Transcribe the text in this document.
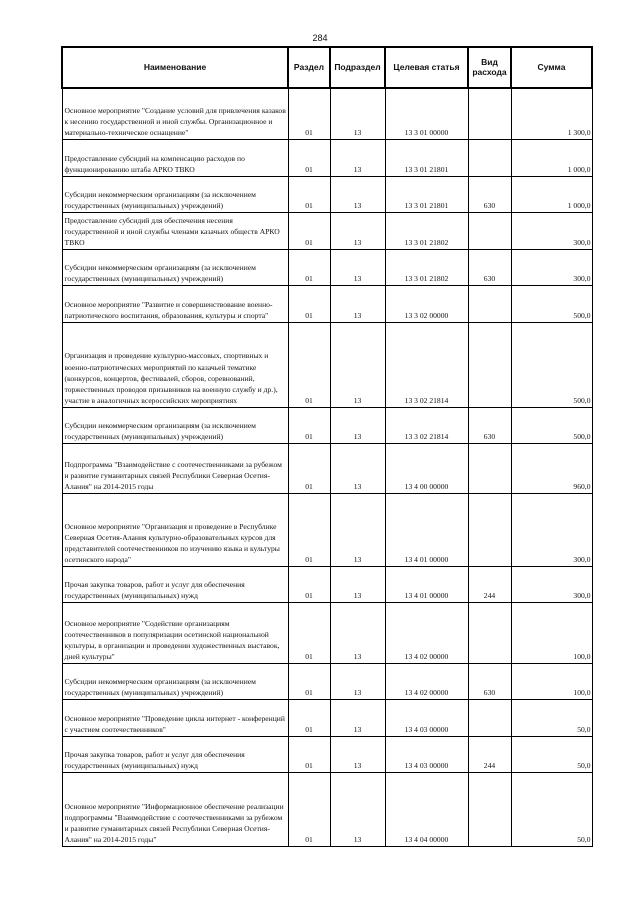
284
Наименование	Раздел	Подраздел	Целевая статья	Вид расхода	Сумма

Основное мероприятие "Создание условий для привлечения казаков к несению государственной и иной службы. Организационное и материально-техническое оснащение"	01	13	13 3 01 00000		1 300,0

Предоставление субсидий на компенсацию расходов по функционированию штаба АРКО ТВКО	01	13	13 3 01 21801		1 000,0

Субсидии некоммерческим организациям (за исключением государственных (муниципальных) учреждений)	01	13	13 3 01 21801	630	1 000,0

Предоставление субсидий для обеспечения несения государственной и иной службы членами казачьих обществ АРКО ТВКО	01	13	13 3 01 21802		300,0

Субсидии некоммерческим организациям (за исключением государственных (муниципальных) учреждений)	01	13	13 3 01 21802	630	300,0

Основное мероприятие "Развитие и совершенствование военно-патриотического воспитания, образования, культуры и спорта"	01	13	13 3 02 00000		500,0

Организация и проведение культурно-массовых, спортивных и военно-патриотических мероприятий по казачьей тематике (конкурсов, концертов, фестивалей, сборов, соревнований, торжественных проводов призывников на военную службу и др.), участие в аналогичных всероссийских мероприятиях	01	13	13 3 02 21814		500,0

Субсидии некоммерческим организациям (за исключением государственных (муниципальных) учреждений)	01	13	13 3 02 21814	630	500,0

Подпрограмма "Взаимодействие с соотечественниками за рубежом и развитие гуманитарных связей Республики Северная Осетия-Алания" на 2014-2015 годы	01	13	13 4 00 00000		960,0

Основное мероприятие "Организация и проведение в Республике Северная Осетия-Алания культурно-образовательных курсов для представителей соотечественников по изучению языка и культуры осетинского народа"	01	13	13 4 01 00000		300,0

Прочая закупка товаров, работ и услуг для обеспечения государственных (муниципальных) нужд	01	13	13 4 01 00000	244	300,0

Основное мероприятие "Содействие организациям соотечественников в популяризации осетинской национальной культуры, в организации и проведении художественных выставок, дней культуры"	01	13	13 4 02 00000		100,0

Субсидии некоммерческим организациям (за исключением государственных (муниципальных) учреждений)	01	13	13 4 02 00000	630	100,0

Основное мероприятие "Проведение цикла интернет - конференций с участием соотечественников"	01	13	13 4 03 00000		50,0

Прочая закупка товаров, работ и услуг для обеспечения государственных (муниципальных) нужд	01	13	13 4 03 00000	244	50,0

Основное мероприятие "Информационное обеспечение реализации подпрограммы "Взаимодействие с соотечественниками за рубежом и развитие гуманитарных связей Республики Северная Осетия-Алания" на 2014-2015 годы"	01	13	13 4 04 00000		50,0
